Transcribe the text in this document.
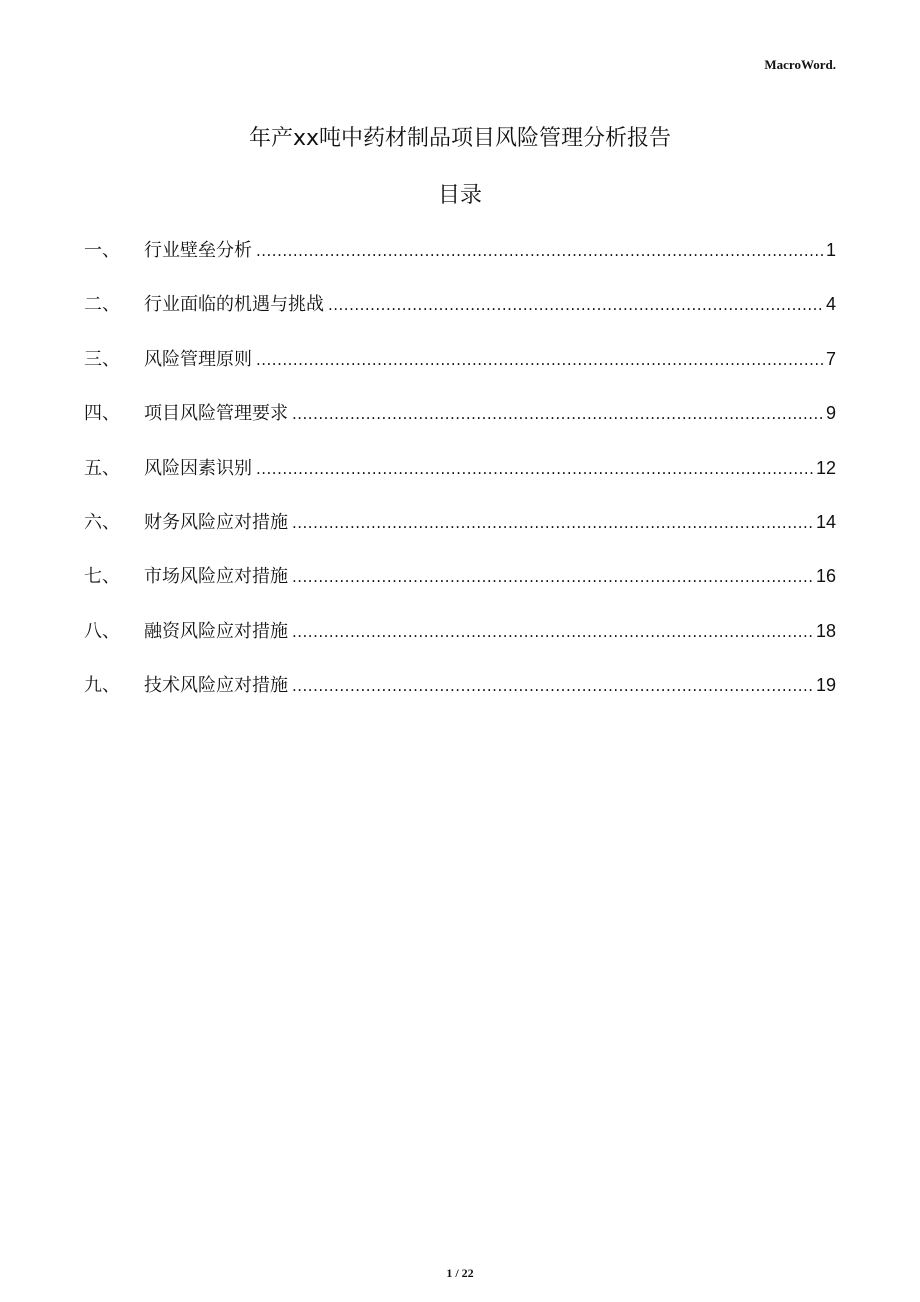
MacroWord.
年产xx吨中药材制品项目风险管理分析报告
目录
一、	行业壁垒分析 .....	1
二、	行业面临的机遇与挑战 .....	4
三、	风险管理原则 .....	7
四、	项目风险管理要求 .....	9
五、	风险因素识别 .....	12
六、	财务风险应对措施 .....	14
七、	市场风险应对措施 .....	16
八、	融资风险应对措施 .....	18
九、	技术风险应对措施 .....	19
1 / 22
